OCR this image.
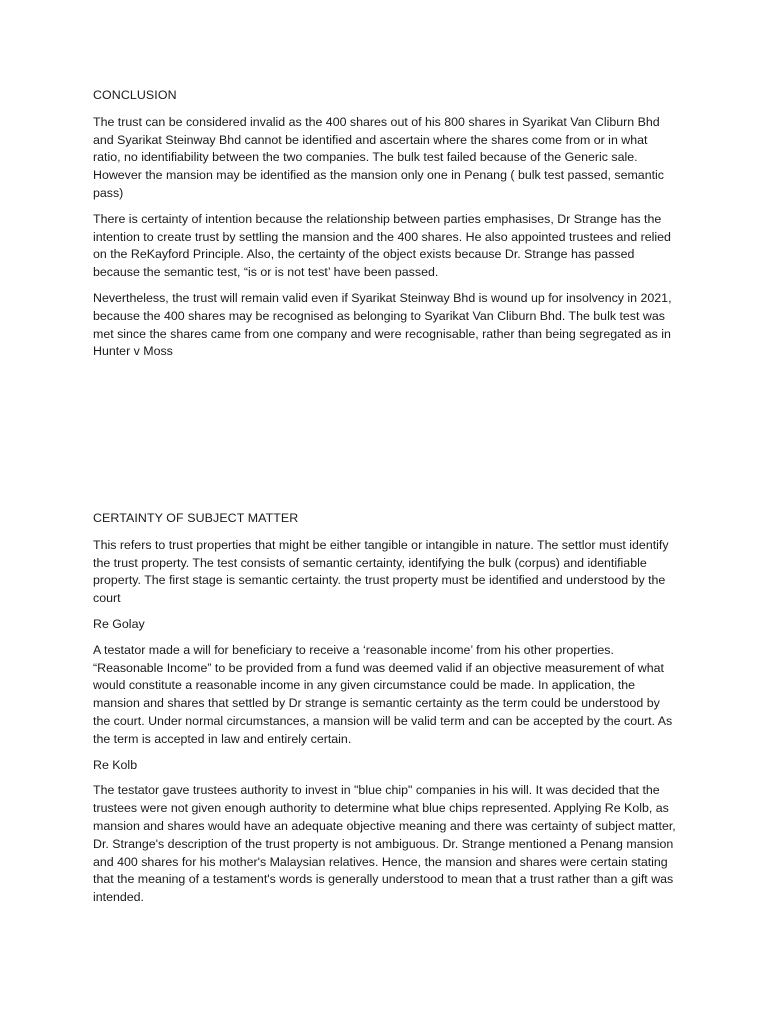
CONCLUSION

The trust can be considered invalid as the 400 shares out of his 800 shares in Syarikat Van Cliburn Bhd and Syarikat Steinway Bhd cannot be identified and ascertain where the shares come from or in what ratio, no identifiability between the two companies. The bulk test failed because of the Generic sale. However the mansion may be identified as the mansion only one in Penang ( bulk test passed, semantic pass)

There is certainty of intention because the relationship between parties emphasises, Dr Strange has the intention to create trust by settling the mansion and the 400 shares. He also appointed trustees and relied on the ReKayford Principle. Also, the certainty of the object exists because Dr. Strange has passed because the semantic test, “is or is not test’ have been passed.

Nevertheless, the trust will remain valid even if Syarikat Steinway Bhd is wound up for insolvency in 2021, because the 400 shares may be recognised as belonging to Syarikat Van Cliburn Bhd. The bulk test was met since the shares came from one company and were recognisable, rather than being segregated as in Hunter v Moss

CERTAINTY OF SUBJECT MATTER

This refers to trust properties that might be either tangible or intangible in nature. The settlor must identify the trust property. The test consists of semantic certainty, identifying the bulk (corpus) and identifiable property. The first stage is semantic certainty. the trust property must be identified and understood by the court

Re Golay

A testator made a will for beneficiary to receive a ‘reasonable income’ from his other properties. “Reasonable Income” to be provided from a fund was deemed valid if an objective measurement of what would constitute a reasonable income in any given circumstance could be made. In application, the mansion and shares that settled by Dr strange is semantic certainty as the term could be understood by the court. Under normal circumstances, a mansion will be valid term and can be accepted by the court. As the term is accepted in law and entirely certain.

Re Kolb

The testator gave trustees authority to invest in "blue chip" companies in his will. It was decided that the trustees were not given enough authority to determine what blue chips represented. Applying Re Kolb, as mansion and shares would have an adequate objective meaning and there was certainty of subject matter, Dr. Strange's description of the trust property is not ambiguous. Dr. Strange mentioned a Penang mansion and 400 shares for his mother's Malaysian relatives. Hence, the mansion and shares were certain stating that the meaning of a testament's words is generally understood to mean that a trust rather than a gift was intended.
